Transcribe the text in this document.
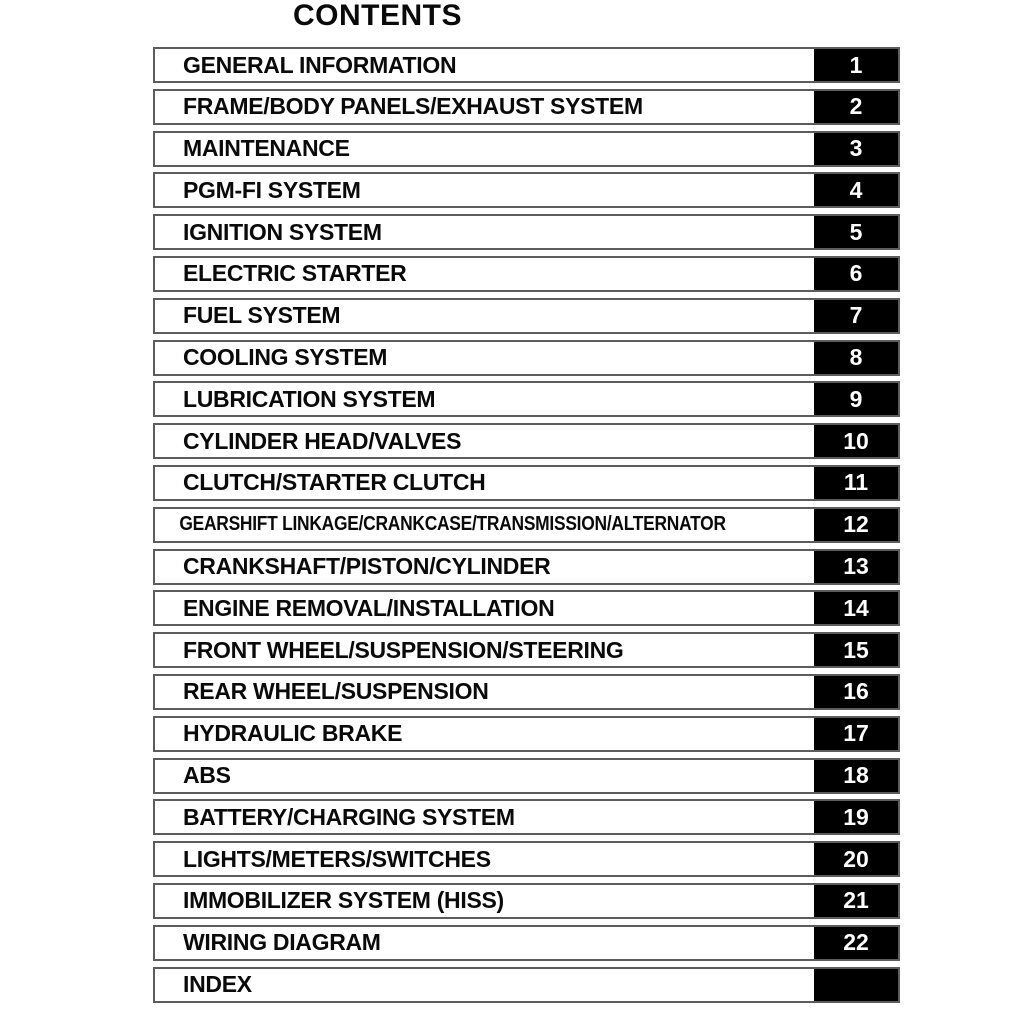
CONTENTS
GENERAL INFORMATION	1
FRAME/BODY PANELS/EXHAUST SYSTEM	2
MAINTENANCE	3
PGM-FI SYSTEM	4
IGNITION SYSTEM	5
ELECTRIC STARTER	6
FUEL SYSTEM	7
COOLING SYSTEM	8
LUBRICATION SYSTEM	9
CYLINDER HEAD/VALVES	10
CLUTCH/STARTER CLUTCH	11
GEARSHIFT LINKAGE/CRANKCASE/TRANSMISSION/ALTERNATOR	12
CRANKSHAFT/PISTON/CYLINDER	13
ENGINE REMOVAL/INSTALLATION	14
FRONT WHEEL/SUSPENSION/STEERING	15
REAR WHEEL/SUSPENSION	16
HYDRAULIC BRAKE	17
ABS	18
BATTERY/CHARGING SYSTEM	19
LIGHTS/METERS/SWITCHES	20
IMMOBILIZER SYSTEM (HISS)	21
WIRING DIAGRAM	22
INDEX
